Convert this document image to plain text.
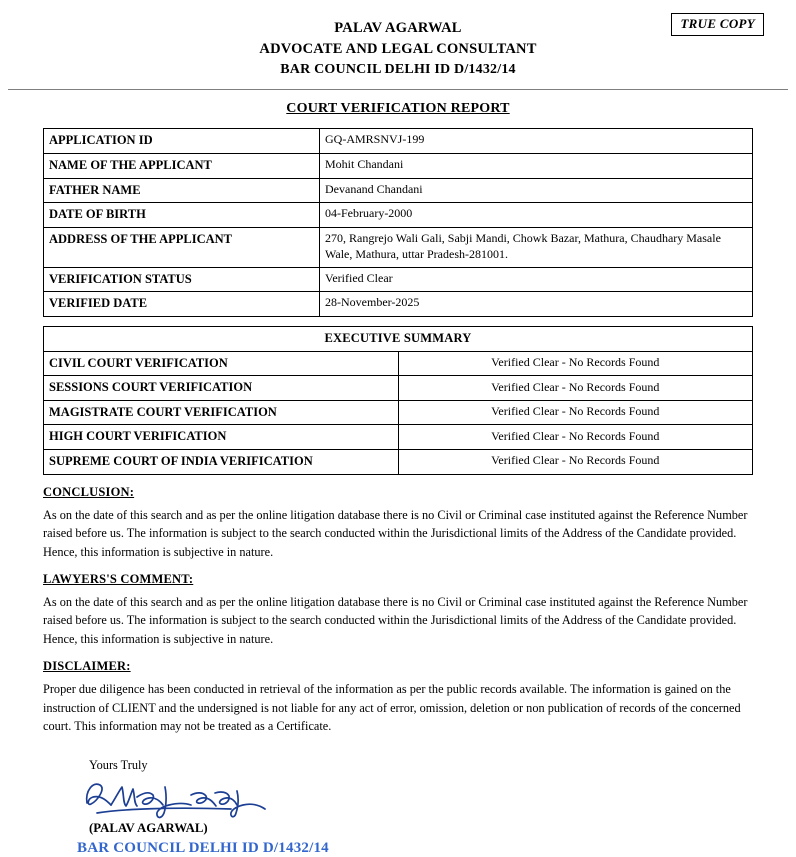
TRUE COPY
PALAV AGARWAL
ADVOCATE AND LEGAL CONSULTANT
BAR COUNCIL DELHI ID D/1432/14
COURT VERIFICATION REPORT
APPLICATION ID	GQ-AMRSNVJ-199
NAME OF THE APPLICANT	Mohit Chandani
FATHER NAME	Devanand Chandani
DATE OF BIRTH	04-February-2000
ADDRESS OF THE APPLICANT	270, Rangrejo Wali Gali, Sabji Mandi, Chowk Bazar, Mathura, Chaudhary Masale Wale, Mathura, uttar Pradesh-281001.
VERIFICATION STATUS	Verified Clear
VERIFIED DATE	28-November-2025
EXECUTIVE SUMMARY	
CIVIL COURT VERIFICATION	Verified Clear - No Records Found
SESSIONS COURT VERIFICATION	Verified Clear - No Records Found
MAGISTRATE COURT VERIFICATION	Verified Clear - No Records Found
HIGH COURT VERIFICATION	Verified Clear - No Records Found
SUPREME COURT OF INDIA VERIFICATION	Verified Clear - No Records Found
CONCLUSION:
As on the date of this search and as per the online litigation database there is no Civil or Criminal case instituted against the Reference Number raised before us. The information is subject to the search conducted within the Jurisdictional limits of the Address of the Candidate provided. Hence, this information is subjective in nature.
LAWYERS'S COMMENT:
As on the date of this search and as per the online litigation database there is no Civil or Criminal case instituted against the Reference Number raised before us. The information is subject to the search conducted within the Jurisdictional limits of the Address of the Candidate provided. Hence, this information is subjective in nature.
DISCLAIMER:
Proper due diligence has been conducted in retrieval of the information as per the public records available. The information is gained on the instruction of CLIENT and the undersigned is not liable for any act of error, omission, deletion or non publication of records of the concerned court. This information may not be treated as a Certificate.
Yours Truly
(PALAV AGARWAL)
BAR COUNCIL DELHI ID D/1432/14
